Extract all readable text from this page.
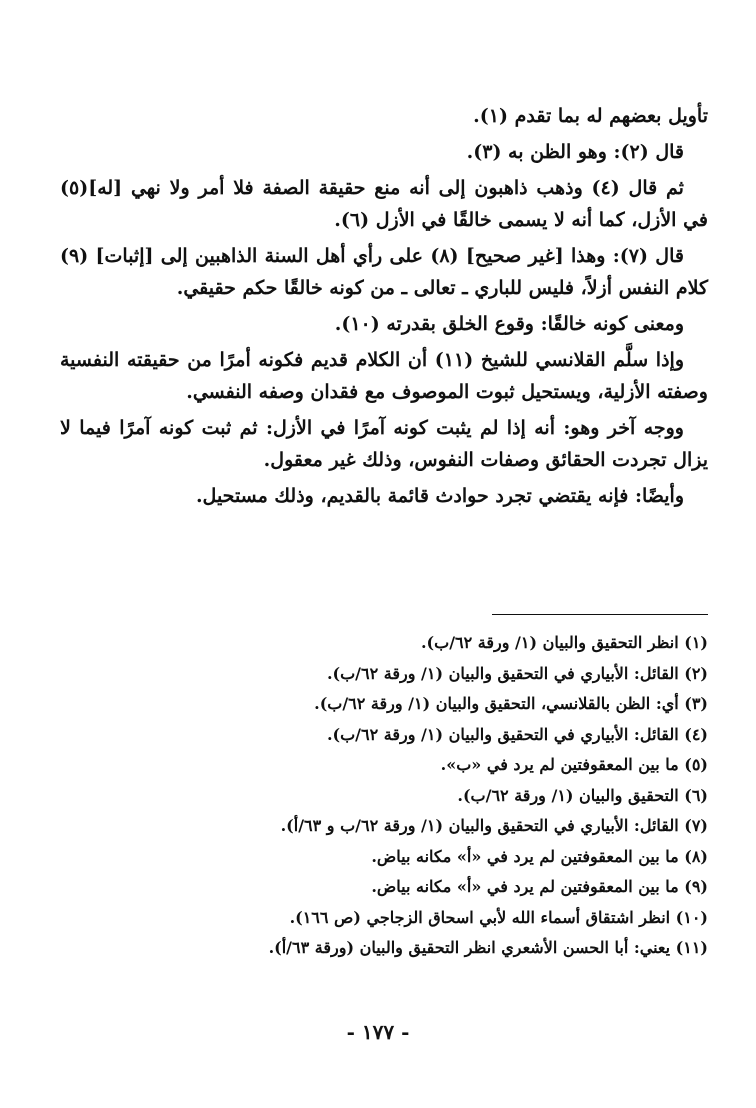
تأويل بعضهم له بما تقدم (١).

قال (٢): وهو الظن به (٣).

ثم قال (٤) وذهب ذاهبون إلى أنه منع حقيقة الصفة فلا أمر ولا نهي [له](٥) في الأزل، كما أنه لا يسمى خالقًا في الأزل (٦).

قال (٧): وهذا [غير صحيح] (٨) على رأي أهل السنة الذاهبين إلى [إثبات] (٩) كلام النفس أزلاً، فليس للباري ـ تعالى ـ من كونه خالقًا حكم حقيقي.

ومعنى كونه خالقًا: وقوع الخلق بقدرته (١٠).

وإذا سلَّم القلانسي للشيخ (١١) أن الكلام قديم فكونه أمرًا من حقيقته النفسية وصفته الأزلية، ويستحيل ثبوت الموصوف مع فقدان وصفه النفسي.

ووجه آخر وهو: أنه إذا لم يثبت كونه آمرًا في الأزل: ثم ثبت كونه آمرًا فيما لا يزال تجردت الحقائق وصفات النفوس، وذلك غير معقول.

وأيضًا: فإنه يقتضي تجرد حوادث قائمة بالقديم، وذلك مستحيل.

(١) انظر التحقيق والبيان (١/ ورقة ٦٢/ب).
(٢) القائل: الأبياري في التحقيق والبيان (١/ ورقة ٦٢/ب).
(٣) أي: الظن بالقلانسي، التحقيق والبيان (١/ ورقة ٦٢/ب).
(٤) القائل: الأبياري في التحقيق والبيان (١/ ورقة ٦٢/ب).
(٥) ما بين المعقوفتين لم يرد في «ب».
(٦) التحقيق والبيان (١/ ورقة ٦٢/ب).
(٧) القائل: الأبياري في التحقيق والبيان (١/ ورقة ٦٢/ب و ٦٣/أ).
(٨) ما بين المعقوفتين لم يرد في «أ» مكانه بياض.
(٩) ما بين المعقوفتين لم يرد في «أ» مكانه بياض.
(١٠) انظر اشتقاق أسماء الله لأبي اسحاق الزجاجي (ص ١٦٦).
(١١) يعني: أبا الحسن الأشعري انظر التحقيق والبيان (ورقة ٦٣/أ).
- ١٧٧ -
